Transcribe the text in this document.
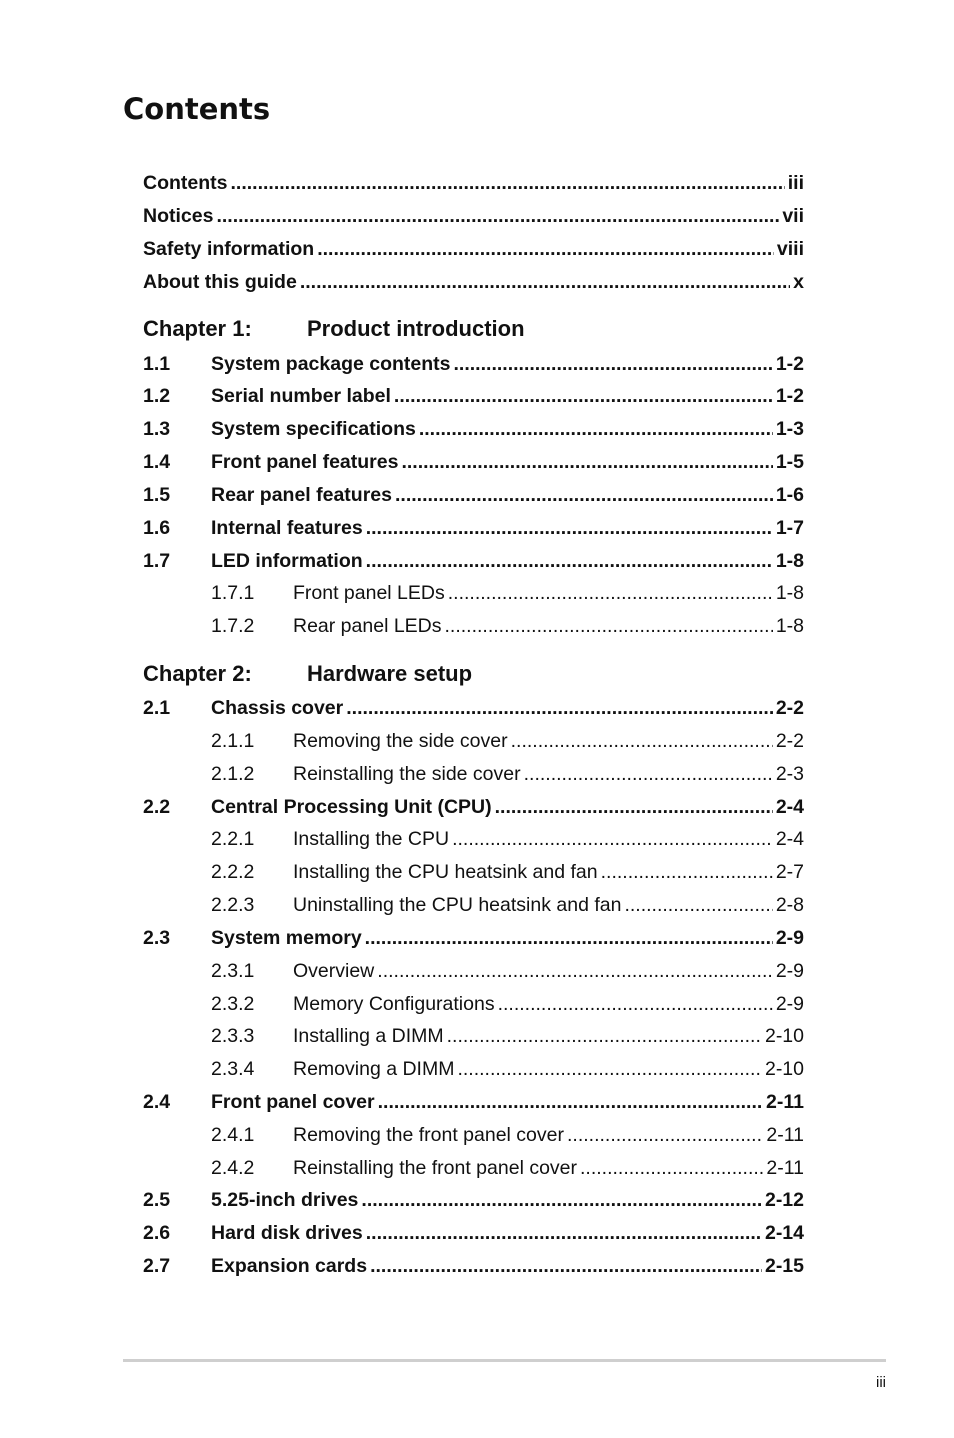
Contents
Contents .....	iii
Notices .....	vii
Safety information .....	viii
About this guide .....	x
Chapter 1:	Product introduction
1.1	System package contents .....	1-2
1.2	Serial number label .....	1-2
1.3	System specifications .....	1-3
1.4	Front panel features .....	1-5
1.5	Rear panel features .....	1-6
1.6	Internal features .....	1-7
1.7	LED information .....	1-8
1.7.1	Front panel LEDs .....	1-8
1.7.2	Rear panel LEDs .....	1-8
Chapter 2:	Hardware setup
2.1	Chassis cover .....	2-2
2.1.1	Removing the side cover .....	2-2
2.1.2	Reinstalling the side cover .....	2-3
2.2	Central Processing Unit (CPU) .....	2-4
2.2.1	Installing the CPU .....	2-4
2.2.2	Installing the CPU heatsink and fan .....	2-7
2.2.3	Uninstalling the CPU heatsink and fan .....	2-8
2.3	System memory .....	2-9
2.3.1	Overview .....	2-9
2.3.2	Memory Configurations .....	2-9
2.3.3	Installing a DIMM .....	2-10
2.3.4	Removing a DIMM .....	2-10
2.4	Front panel cover .....	2-11
2.4.1	Removing the front panel cover .....	2-11
2.4.2	Reinstalling the front panel cover .....	2-11
2.5	5.25-inch drives .....	2-12
2.6	Hard disk drives .....	2-14
2.7	Expansion cards .....	2-15
iii
